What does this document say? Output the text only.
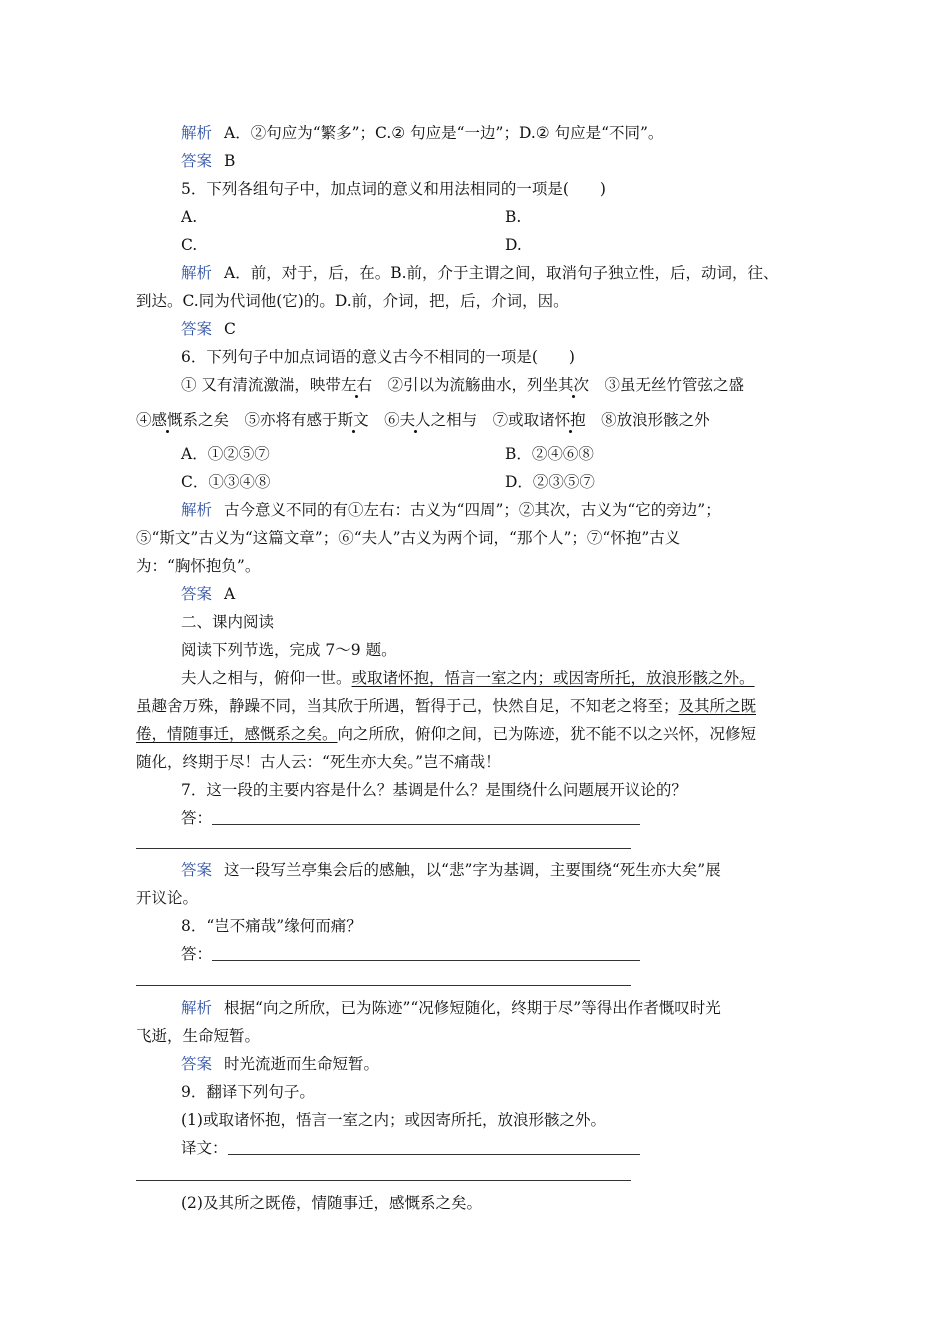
解析 A．②句应为“繁多”；C.② 句应是“一边”；D.② 句应是“不同”。
答案 B
5．下列各组句子中，加点词的意义和用法相同的一项是(　　)
A.	B.
C.	D.
解析 A．前，对于，后，在。B.前，介于主谓之间，取消句子独立性，后，动词，往、
到达。C.同为代词他(它)的。D.前，介词，把，后，介词，因。
答案 C
6．下列句子中加点词语的意义古今不相同的一项是(　　)
① 又有清流激湍，映带左右　②引以为流觞曲水，列坐其次　③虽无丝竹管弦之盛
④感慨系之矣　⑤亦将有感于斯文　⑥夫人之相与　⑦或取诸怀抱　⑧放浪形骸之外
A．①②⑤⑦	B．②④⑥⑧
C．①③④⑧	D．②③⑤⑦
解析 古今意义不同的有①左右：古义为“四周”；②其次，古义为“它的旁边”；
⑤“斯文”古义为“这篇文章”；⑥“夫人”古义为两个词，“那个人”；⑦“怀抱”古义
为：“胸怀抱负”。
答案 A
二、课内阅读
阅读下列节选，完成 7～9 题。
夫人之相与，俯仰一世。或取诸怀抱，悟言一室之内；或因寄所托，放浪形骸之外。
虽趣舍万殊，静躁不同，当其欣于所遇，暂得于己，快然自足，不知老之将至；及其所之既
倦，情随事迁，感慨系之矣。向之所欣，俯仰之间，已为陈迹，犹不能不以之兴怀，况修短
随化，终期于尽！古人云：“死生亦大矣。”岂不痛哉！
7．这一段的主要内容是什么？基调是什么？是围绕什么问题展开议论的？
答：
答案 这一段写兰亭集会后的感触，以“悲”字为基调，主要围绕“死生亦大矣”展
开议论。
8．“岂不痛哉”缘何而痛？
答：
解析 根据“向之所欣，已为陈迹”“况修短随化，终期于尽”等得出作者慨叹时光
飞逝，生命短暂。
答案 时光流逝而生命短暂。
9．翻译下列句子。
(1)或取诸怀抱，悟言一室之内；或因寄所托，放浪形骸之外。
译文：
(2)及其所之既倦，情随事迁，感慨系之矣。
